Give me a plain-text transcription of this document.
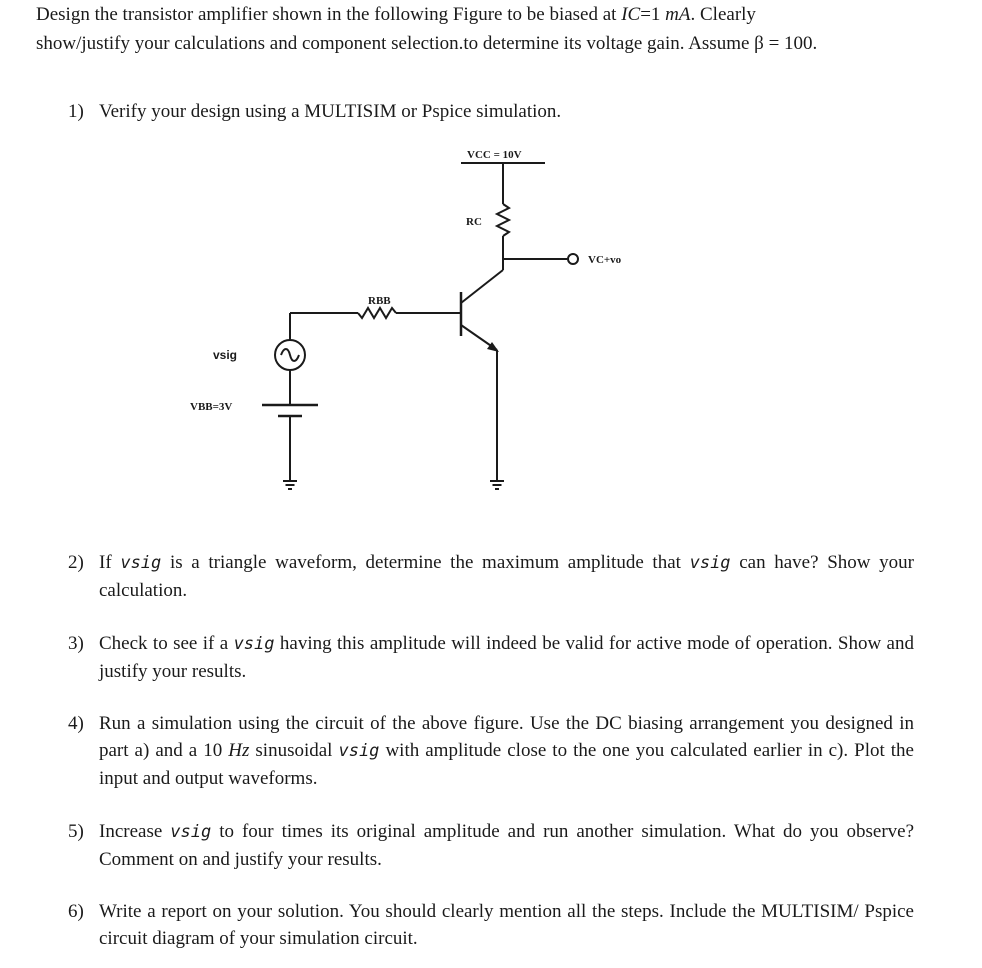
Design the transistor amplifier shown in the following Figure to be biased at IC=1 mA. Clearly
show/justify your calculations and component selection.to determine its voltage gain. Assume β = 100.
1) Verify your design using a MULTISIM or Pspice simulation.
VCC = 10V
RC
VC+vo
RBB
vsig
VBB=3V
2) If vsig is a triangle waveform, determine the maximum amplitude that vsig can have? Show your calculation.
3) Check to see if a vsig having this amplitude will indeed be valid for active mode of operation. Show and justify your results.
4) Run a simulation using the circuit of the above figure. Use the DC biasing arrangement you designed in part a) and a 10 Hz sinusoidal vsig with amplitude close to the one you calculated earlier in c). Plot the input and output waveforms.
5) Increase vsig to four times its original amplitude and run another simulation. What do you observe? Comment on and justify your results.
6) Write a report on your solution. You should clearly mention all the steps. Include the MULTISIM/ Pspice circuit diagram of your simulation circuit.
